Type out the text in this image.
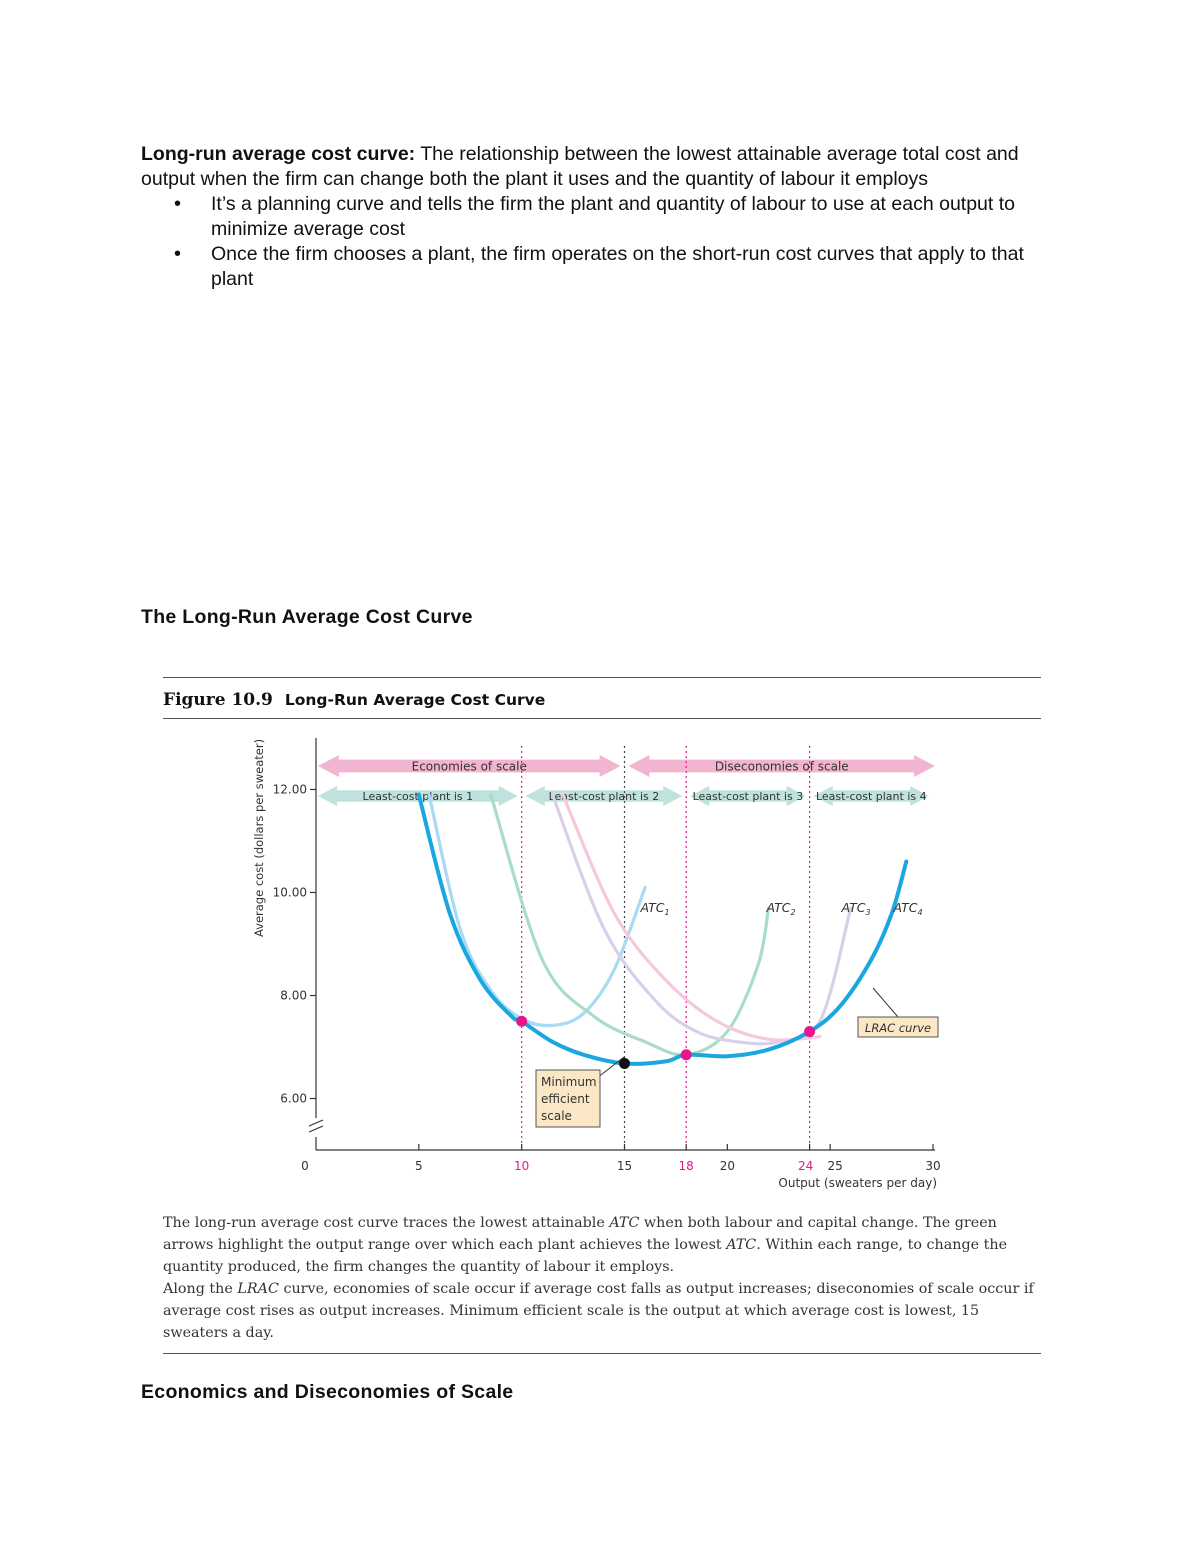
Long-run average cost curve: The relationship between the lowest attainable average total cost and output when the firm can change both the plant it uses and the quantity of labour it employs
• It’s a planning curve and tells the firm the plant and quantity of labour to use at each output to minimize average cost
• Once the firm chooses a plant, the firm operates on the short-run cost curves that apply to that plant
The Long-Run Average Cost Curve
Figure 10.9 Long-Run Average Cost Curve
Economies of scale	Diseconomies of scale
Least-cost plant is 1	Least-cost plant is 2	Least-cost plant is 3 Least-cost plant is 4
6.00
8.00
10.00
12.00
0	5	10	15	18 20	24 25	30
Output (sweaters per day)
Average cost (dollars per sweater)	$ATC_1$	$ATC_2$	$ATC_3$ $ATC_4$
LRAC curve
Minimum
efficient
scale

The long-run average cost curve traces the lowest attainable ATC when both labour and capital change. The green arrows highlight the output range over which each plant achieves the lowest ATC. Within each range, to change the quantity produced, the firm changes the quantity of labour it employs.

Along the LRAC curve, economies of scale occur if average cost falls as output increases; diseconomies of scale occur if average cost rises as output increases. Minimum efficient scale is the output at which average cost is lowest, 15 sweaters a day.

Economics and Diseconomies of Scale
